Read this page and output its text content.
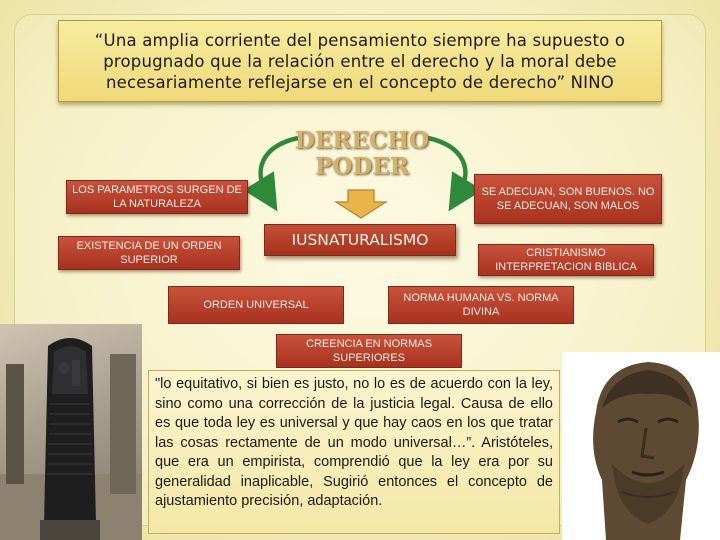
“Una amplia corriente del pensamiento siempre ha supuesto o propugnado que la relación entre el derecho y la moral debe necesariamente reflejarse en el concepto de derecho” NINO
DERECHO
PODER
IUSNATURALISMO
LOS PARAMETROS SURGEN DE LA NATURALEZA
EXISTENCIA DE UN ORDEN SUPERIOR
SE ADECUAN, SON BUENOS. NO SE ADECUAN, SON MALOS
CRISTIANISMO INTERPRETACION BIBLICA
ORDEN UNIVERSAL
NORMA HUMANA VS. NORMA DIVINA
CREENCIA EN NORMAS SUPERIORES
"lo equitativo, si bien es justo, no lo es de acuerdo con la ley, sino como una corrección de la justicia legal. Causa de ello es que toda ley es universal y que hay caos en los que tratar las cosas rectamente de un modo universal…”. Aristóteles, que era un empirista, comprendió que la ley era por su generalidad inaplicable, Sugirió entonces el concepto de ajustamiento precisión, adaptación.
